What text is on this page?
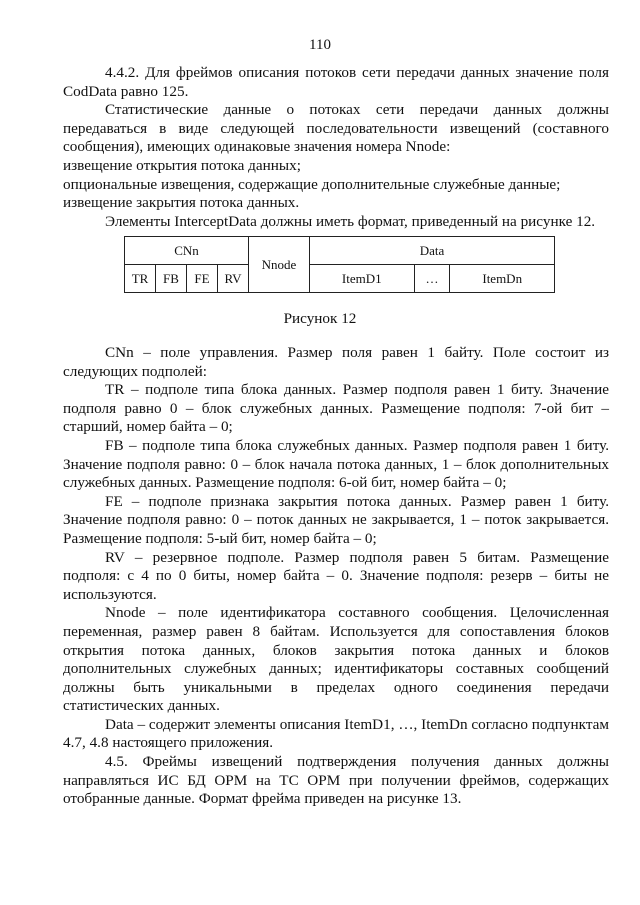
110

4.4.2. Для фреймов описания потоков сети передачи данных значение поля CodData равно 125.

Статистические данные о потоках сети передачи данных должны передаваться в виде следующей последовательности извещений (составного сообщения), имеющих одинаковые значения номера Nnode:

извещение открытия потока данных;

опциональные извещения, содержащие дополнительные служебные данные;

извещение закрытия потока данных.

Элементы InterceptData должны иметь формат, приведенный на рисунке 12.

CNn				Nnode	Data		
TR	FB	FE	RV		ItemD1	…	ItemDn
Рисунок 12

CNn – поле управления. Размер поля равен 1 байту. Поле состоит из следующих подполей:

TR – подполе типа блока данных. Размер подполя равен 1 биту. Значение подполя равно 0 – блок служебных данных. Размещение подполя: 7-ой бит – старший, номер байта – 0;

FB – подполе типа блока служебных данных. Размер подполя равен 1 биту. Значение подполя равно: 0 – блок начала потока данных, 1 – блок дополнительных служебных данных. Размещение подполя: 6-ой бит, номер байта – 0;

FE – подполе признака закрытия потока данных. Размер равен 1 биту. Значение подполя равно: 0 – поток данных не закрывается, 1 – поток закрывается. Размещение подполя: 5-ый бит, номер байта – 0;

RV – резервное подполе. Размер подполя равен 5 битам. Размещение подполя: с 4 по 0 биты, номер байта – 0. Значение подполя: резерв – биты не используются.

Nnode – поле идентификатора составного сообщения. Целочисленная переменная, размер равен 8 байтам. Используется для сопоставления блоков открытия потока данных, блоков закрытия потока данных и блоков дополнительных служебных данных; идентификаторы составных сообщений должны быть уникальными в пределах одного соединения передачи статистических данных.

Data – содержит элементы описания ItemD1, …, ItemDn согласно подпунктам 4.7, 4.8 настоящего приложения.

4.5. Фреймы извещений подтверждения получения данных должны направляться ИС БД ОРМ на ТС ОРМ при получении фреймов, содержащих отобранные данные. Формат фрейма приведен на рисунке 13.
